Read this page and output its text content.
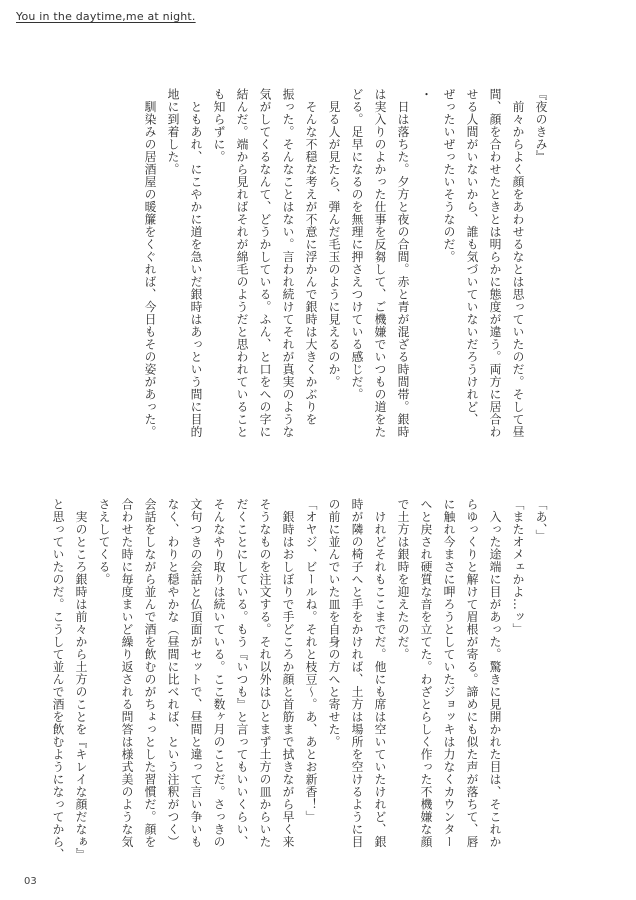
You in the daytime,me at night.

『夜のきみ』

　前々からよく顔をあわせるなとは思っていたのだ。そして昼

間、顔を合わせたときとは明らかに態度が違う。両方に居合わ

せる人間がいないから、誰も気づいていないだろうけれど、

ぜったいぜったいそうなのだ。

・

　日は落ちた。夕方と夜の合間。赤と青が混ざる時間帯。銀時

は実入りのよかった仕事を反芻して、ご機嫌でいつもの道をた

どる。足早になるのを無理に押さえつけている感じだ。

　見る人が見たら、弾んだ毛玉のように見えるのか。

　そんな不穏な考えが不意に浮かんで銀時は大きくかぶりを

振った。そんなことはない。言われ続けてそれが真実のような

気がしてくるなんて、どうかしている。ふん、と口をへの字に

結んだ。端から見ればそれが綿毛のようだと思われていること

も知らずに。

　ともあれ、にこやかに道を急いだ銀時はあっという間に目的

地に到着した。

　馴染みの居酒屋の暖簾をくぐれば、今日もその姿があった。

「あ、」

「またオメェかよ…ッ」

　入った途端に目があった。驚きに見開かれた目は、そこれか

らゆっくりと解けて眉根が寄る。諦めにも似た声が落ちて、唇

に触れ今まさに呷ろうとしていたジョッキは力なくカウンター

へと戻され硬質な音を立てた。わざとらしく作った不機嫌な顔

で土方は銀時を迎えたのだ。

　けれどそれもここまでだ。他にも席は空いていたけれど、銀

時が隣の椅子へと手をかければ、土方は場所を空けるように目

の前に並んでいた皿を自身の方へと寄せた。

「オヤジ、ビールね。それと枝豆〜。あ、あとお新香！」

　銀時はおしぼりで手どころか顔と首筋まで拭きながら早く来

そうなものを注文する。それ以外はひとまず土方の皿からいた

だくことにしている。もう『いつも』と言ってもいいくらい、

そんなやり取りは続いている。ここ数ヶ月のことだ。さっきの

文句つきの会話と仏頂面がセットで、昼間と違って言い争いも

なく、わりと穏やかな（昼間に比べれば、という注釈がつく）

会話をしながら並んで酒を飲むのがちょっとした習慣だ。顔を

合わせた時に毎度まいど繰り返される問答は様式美のような気

さえしてくる。

　実のところ銀時は前々から土方のことを『キレイな顔だなぁ』

と思っていたのだ。こうして並んで酒を飲むようになってから、

03
